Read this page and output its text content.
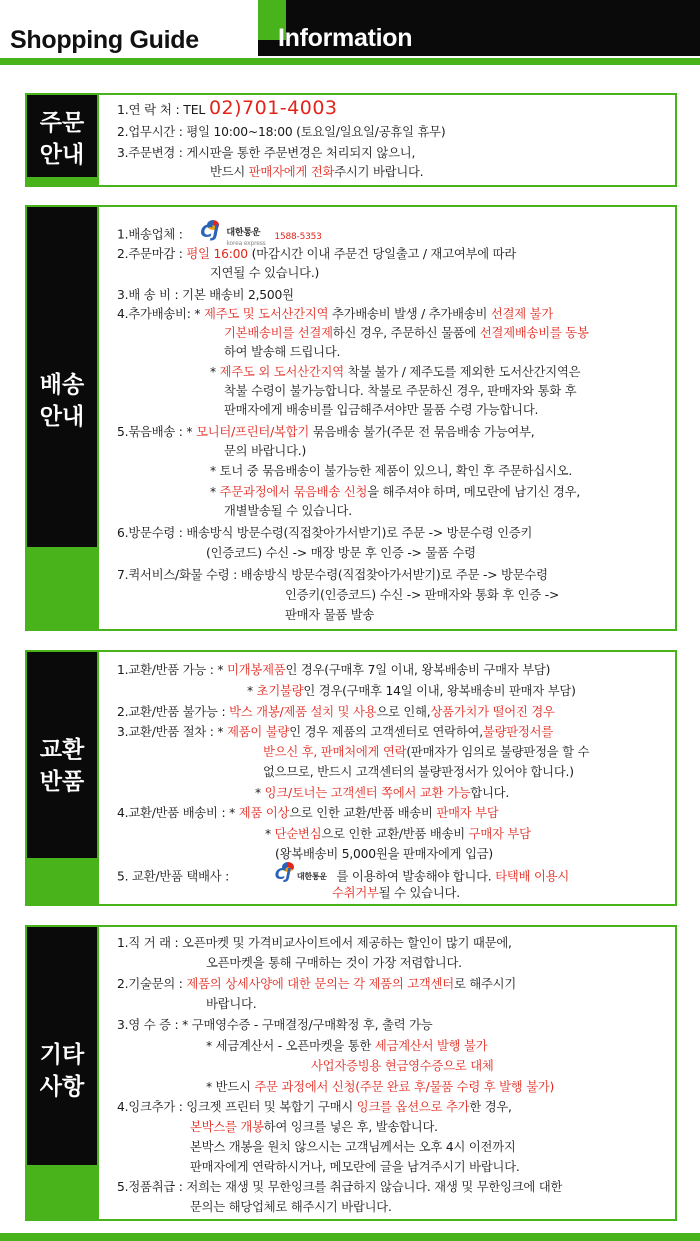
Shopping Guide	Information
주문
안내
1.연 락 처 : TEL 02)701-4003
2.업무시간 : 평일 10:00~18:00 (토요일/일요일/공휴일 휴무)
3.주문변경 : 게시판을 통한 주문변경은 처리되지 않으니,
반드시 판매자에게 전화주시기 바랍니다.
배송
안내
1.배송업체 : CJ 대한통운
korea express
1588-5353
2.주문마감 : 평일 16:00 (마감시간 이내 주문건 당일출고 / 재고여부에 따라
지연될 수 있습니다.)
3.배 송 비 : 기본 배송비 2,500원
4.추가배송비: * 제주도 및 도서산간지역 추가배송비 발생 / 추가배송비 선결제 불가
기본배송비를 선결제하신 경우, 주문하신 물품에 선결제배송비를 동봉
하여 발송해 드립니다.
* 제주도 외 도서산간지역 착불 불가 / 제주도를 제외한 도서산간지역은
착불 수령이 불가능합니다. 착불로 주문하신 경우, 판매자와 통화 후
판매자에게 배송비를 입금해주셔야만 물품 수령 가능합니다.
5.묶음배송 : * 모니터/프린터/복합기 묶음배송 불가(주문 전 묶음배송 가능여부,
문의 바랍니다.)
* 토너 중 묶음배송이 불가능한 제품이 있으니, 확인 후 주문하십시오.
* 주문과정에서 묶음배송 신청을 해주셔야 하며, 메모란에 남기신 경우,
개별발송될 수 있습니다.
6.방문수령 : 배송방식 방문수령(직접찾아가서받기)로 주문 -> 방문수령 인증키
(인증코드) 수신 -> 매장 방문 후 인증 -> 물품 수령
7.퀵서비스/화물 수령 : 배송방식 방문수령(직접찾아가서받기)로 주문 -> 방문수령
인증키(인증코드) 수신 -> 판매자와 통화 후 인증 ->
판매자 물품 발송
교환
반품
1.교환/반품 가능 : * 미개봉제품인 경우(구매후 7일 이내, 왕복배송비 구매자 부담)
* 초기불량인 경우(구매후 14일 이내, 왕복배송비 판매자 부담)
2.교환/반품 불가능 : 박스 개봉/제품 설치 및 사용으로 인해,상품가치가 떨어진 경우
3.교환/반품 절차 : * 제품이 불량인 경우 제품의 고객센터로 연락하여,불량판정서를
받으신 후, 판매처에게 연락(판매자가 임의로 불량판정을 할 수
없으므로, 반드시 고객센터의 불량판정서가 있어야 합니다.)
* 잉크/토너는 고객센터 쪽에서 교환 가능합니다.
4.교환/반품 배송비 : * 제품 이상으로 인한 교환/반품 배송비 판매자 부담
* 단순변심으로 인한 교환/반품 배송비 구매자 부담
(왕복배송비 5,000원을 판매자에게 입금)
5. 교환/반품 택배사 :	CJ 대한통운 를 이용하여 발송해야 합니다. 타택배 이용시
수취거부될 수 있습니다.
기타
사항
1.직 거 래 : 오픈마켓 및 가격비교사이트에서 제공하는 할인이 많기 때문에,
오픈마켓을 통해 구매하는 것이 가장 저렴합니다.
2.기술문의 : 제품의 상세사양에 대한 문의는 각 제품의 고객센터로 해주시기
바랍니다.
3.영 수 증 : * 구매영수증 - 구매결정/구매확정 후, 출력 가능
* 세금계산서 - 오픈마켓을 통한 세금계산서 발행 불가
사업자증빙용 현금영수증으로 대체
* 반드시 주문 과정에서 신청(주문 완료 후/물품 수령 후 발행 불가)
4.잉크추가 : 잉크젯 프린터 및 복합기 구매시 잉크를 옵션으로 추가한 경우,
본박스를 개봉하여 잉크를 넣은 후, 발송합니다.
본박스 개봉을 원치 않으시는 고객님께서는 오후 4시 이전까지
판매자에게 연락하시거나, 메모란에 글을 남겨주시기 바랍니다.
5.정품취급 : 저희는 재생 및 무한잉크를 취급하지 않습니다. 재생 및 무한잉크에 대한
문의는 해당업체로 해주시기 바랍니다.
